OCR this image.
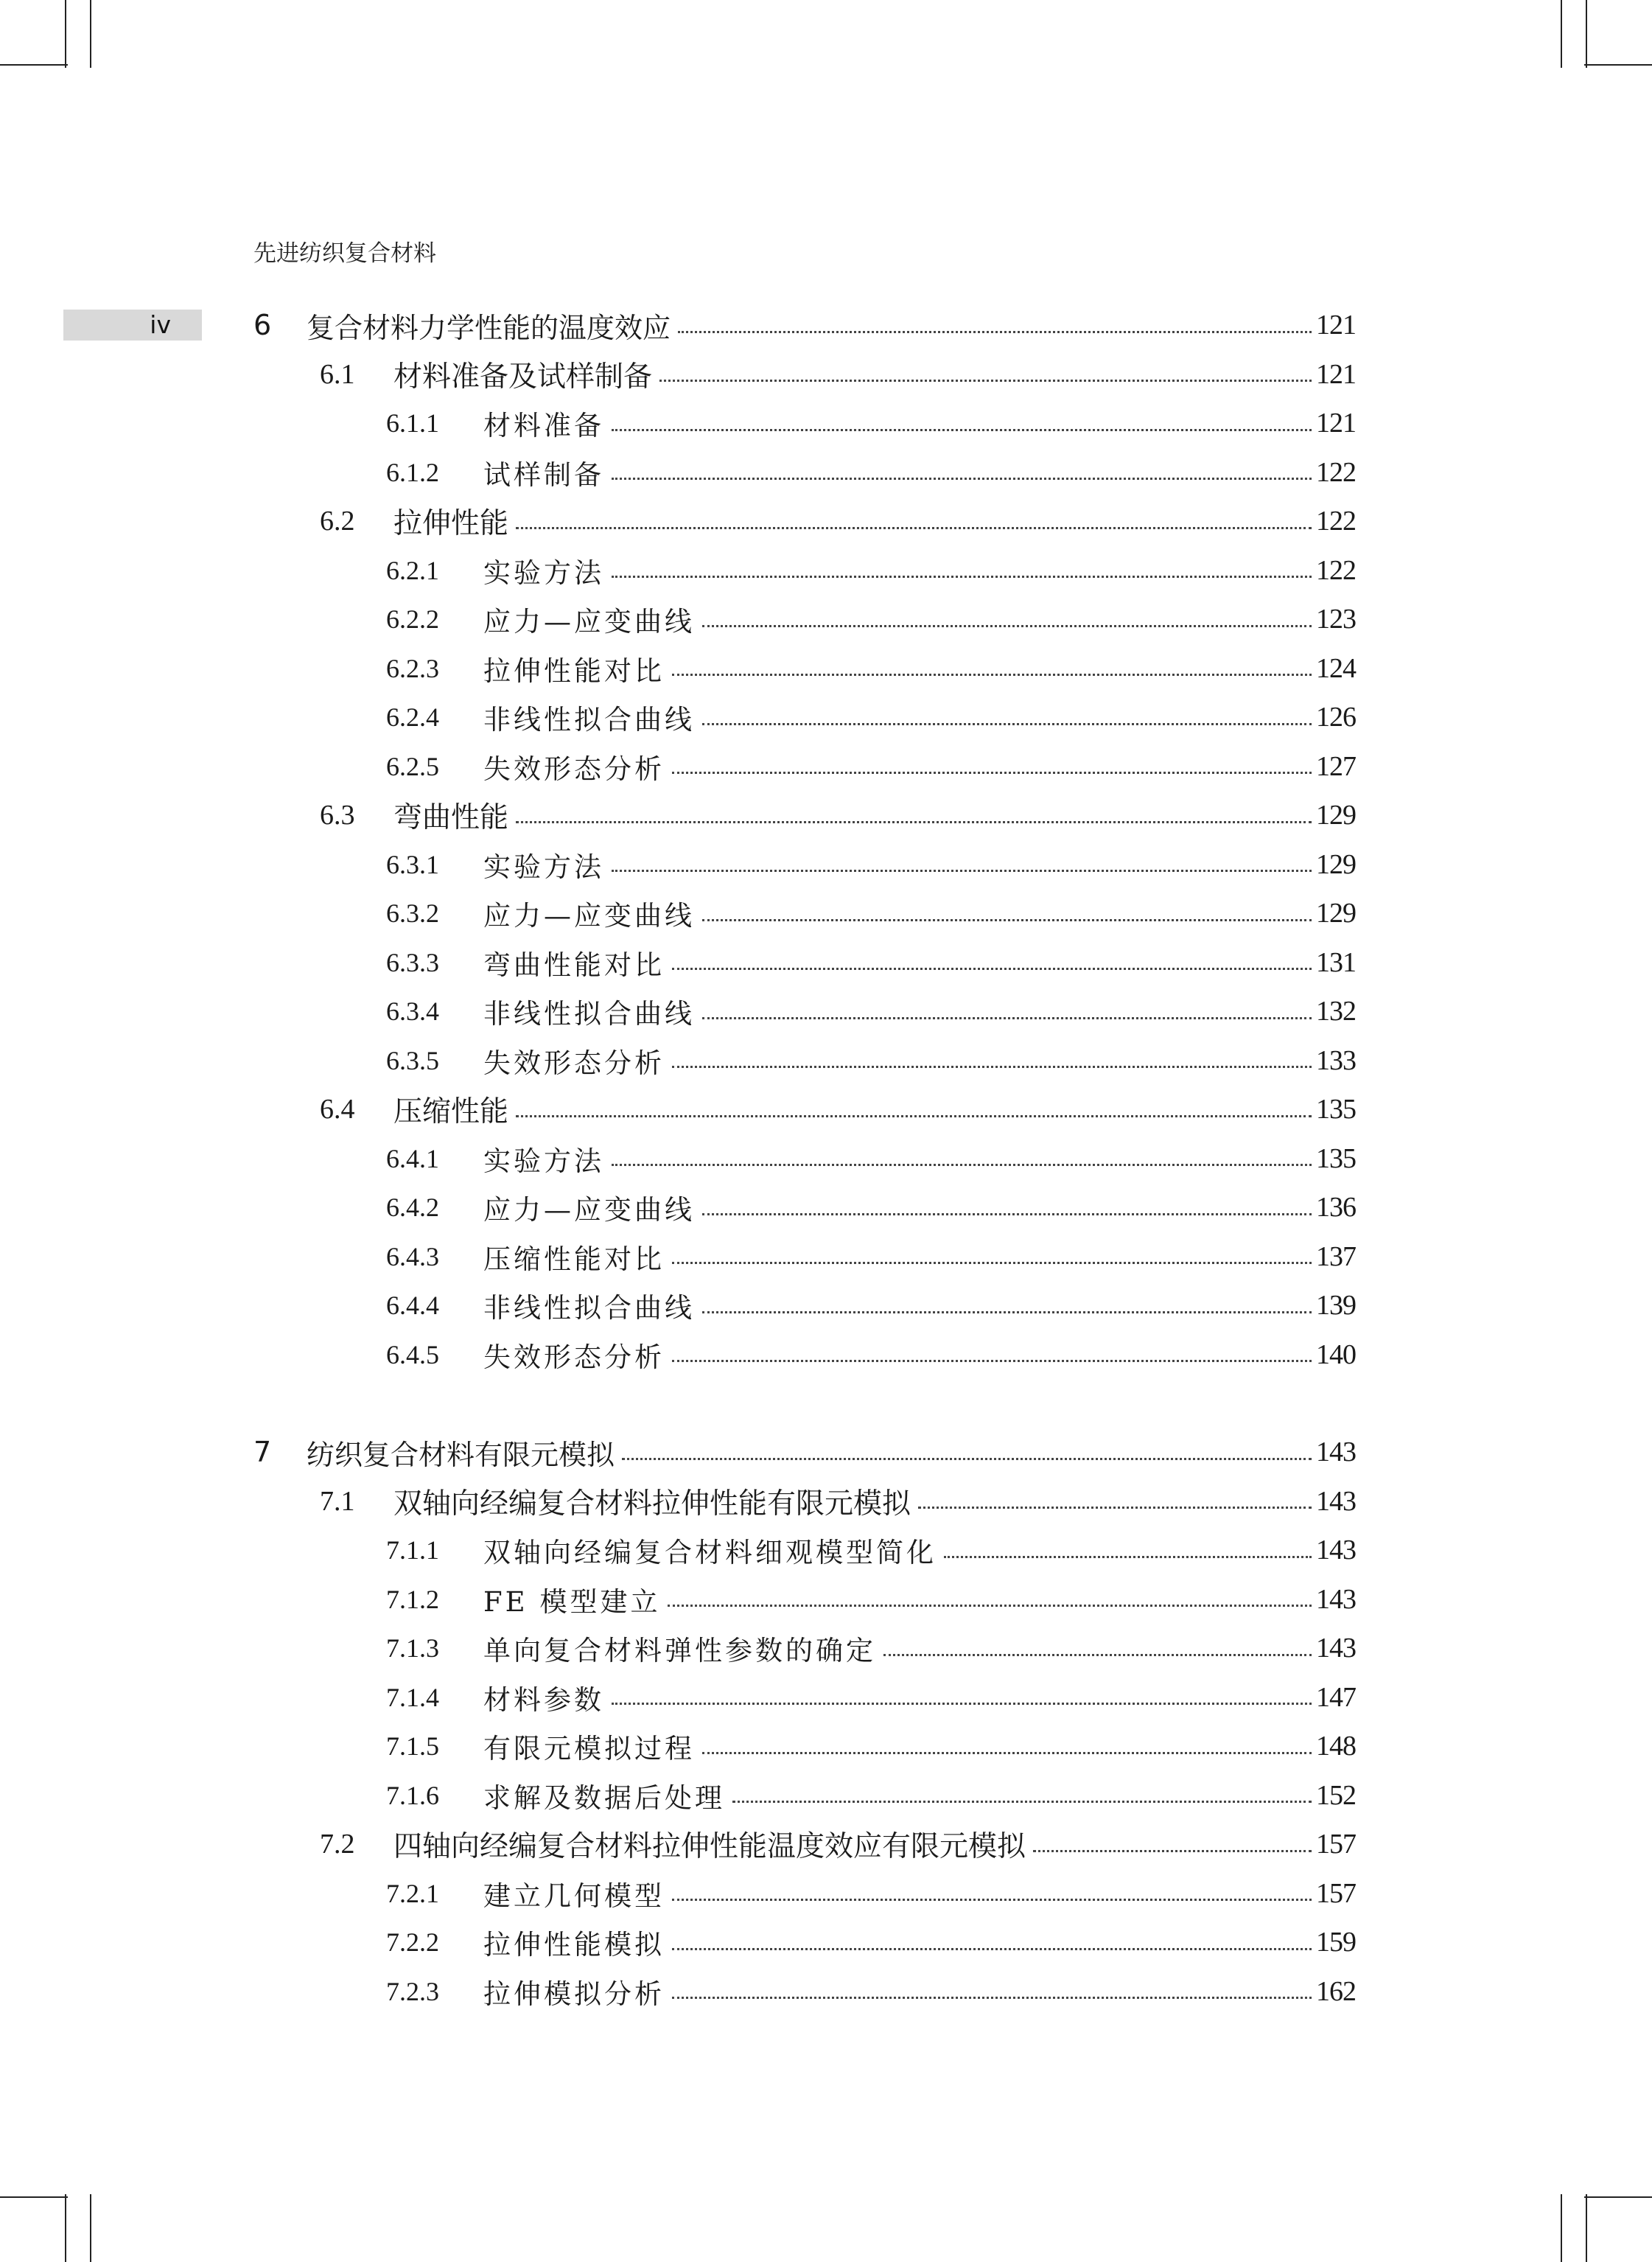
先进纺织复合材料
iv	6	复合材料力学性能的温度效应	121
6.1	材料准备及试样制备	121
6.1.1	材料准备	121
6.1.2	试样制备	122
6.2	拉伸性能	122
6.2.1	实验方法	122
6.2.2	应力—应变曲线	123
6.2.3	拉伸性能对比	124
6.2.4	非线性拟合曲线	126
6.2.5	失效形态分析	127
6.3	弯曲性能	129
6.3.1	实验方法	129
6.3.2	应力—应变曲线	129
6.3.3	弯曲性能对比	131
6.3.4	非线性拟合曲线	132
6.3.5	失效形态分析	133
6.4	压缩性能	135
6.4.1	实验方法	135
6.4.2	应力—应变曲线	136
6.4.3	压缩性能对比	137
6.4.4	非线性拟合曲线	139
6.4.5	失效形态分析	140
7	纺织复合材料有限元模拟	143
7.1	双轴向经编复合材料拉伸性能有限元模拟	143
7.1.1	双轴向经编复合材料细观模型简化	143
7.1.2	FE 模型建立	143
7.1.3	单向复合材料弹性参数的确定	143
7.1.4	材料参数	147
7.1.5	有限元模拟过程	148
7.1.6	求解及数据后处理	152
7.2	四轴向经编复合材料拉伸性能温度效应有限元模拟	157
7.2.1	建立几何模型	157
7.2.2	拉伸性能模拟	159
7.2.3	拉伸模拟分析	162
